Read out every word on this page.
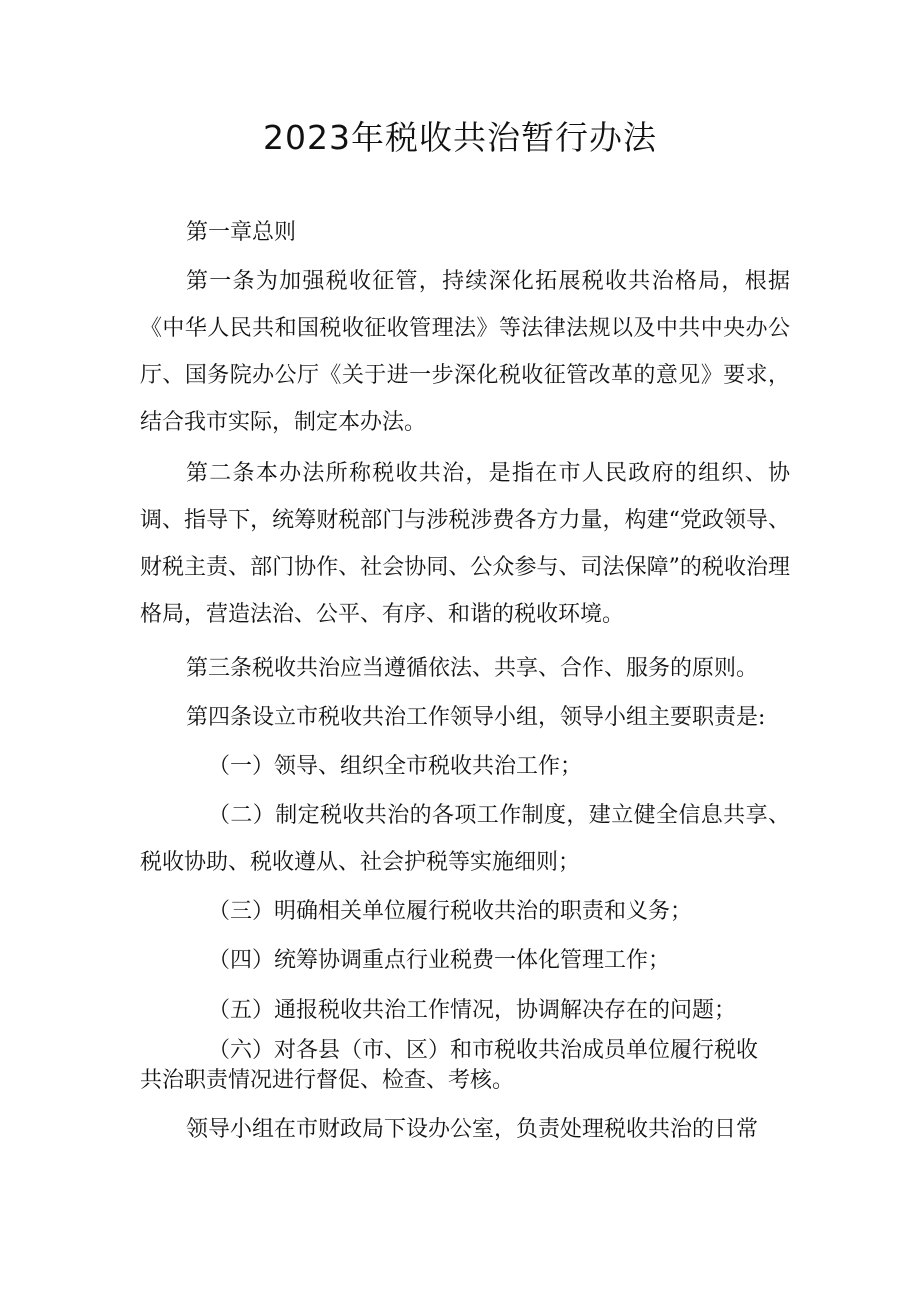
2023年税收共治暂行办法
第一章总则
第一条为加强税收征管，持续深化拓展税收共治格局，根据《中华人民共和国税收征收管理法》等法律法规以及中共中央办公厅、国务院办公厅《关于进一步深化税收征管改革的意见》要求，结合我市实际，制定本办法。
第二条本办法所称税收共治，是指在市人民政府的组织、协调、指导下，统筹财税部门与涉税涉费各方力量，构建“党政领导、财税主责、部门协作、社会协同、公众参与、司法保障”的税收治理格局，营造法治、公平、有序、和谐的税收环境。
第三条税收共治应当遵循依法、共享、合作、服务的原则。
第四条设立市税收共治工作领导小组，领导小组主要职责是:
（一）领导、组织全市税收共治工作；
（二）制定税收共治的各项工作制度，建立健全信息共享、税收协助、税收遵从、社会护税等实施细则；
（三）明确相关单位履行税收共治的职责和义务；
（四）统筹协调重点行业税费一体化管理工作；
（五）通报税收共治工作情况，协调解决存在的问题；
（六）对各县（市、区）和市税收共治成员单位履行税收
共治职责情况进行督促、检查、考核。
领导小组在市财政局下设办公室，负责处理税收共治的日常
